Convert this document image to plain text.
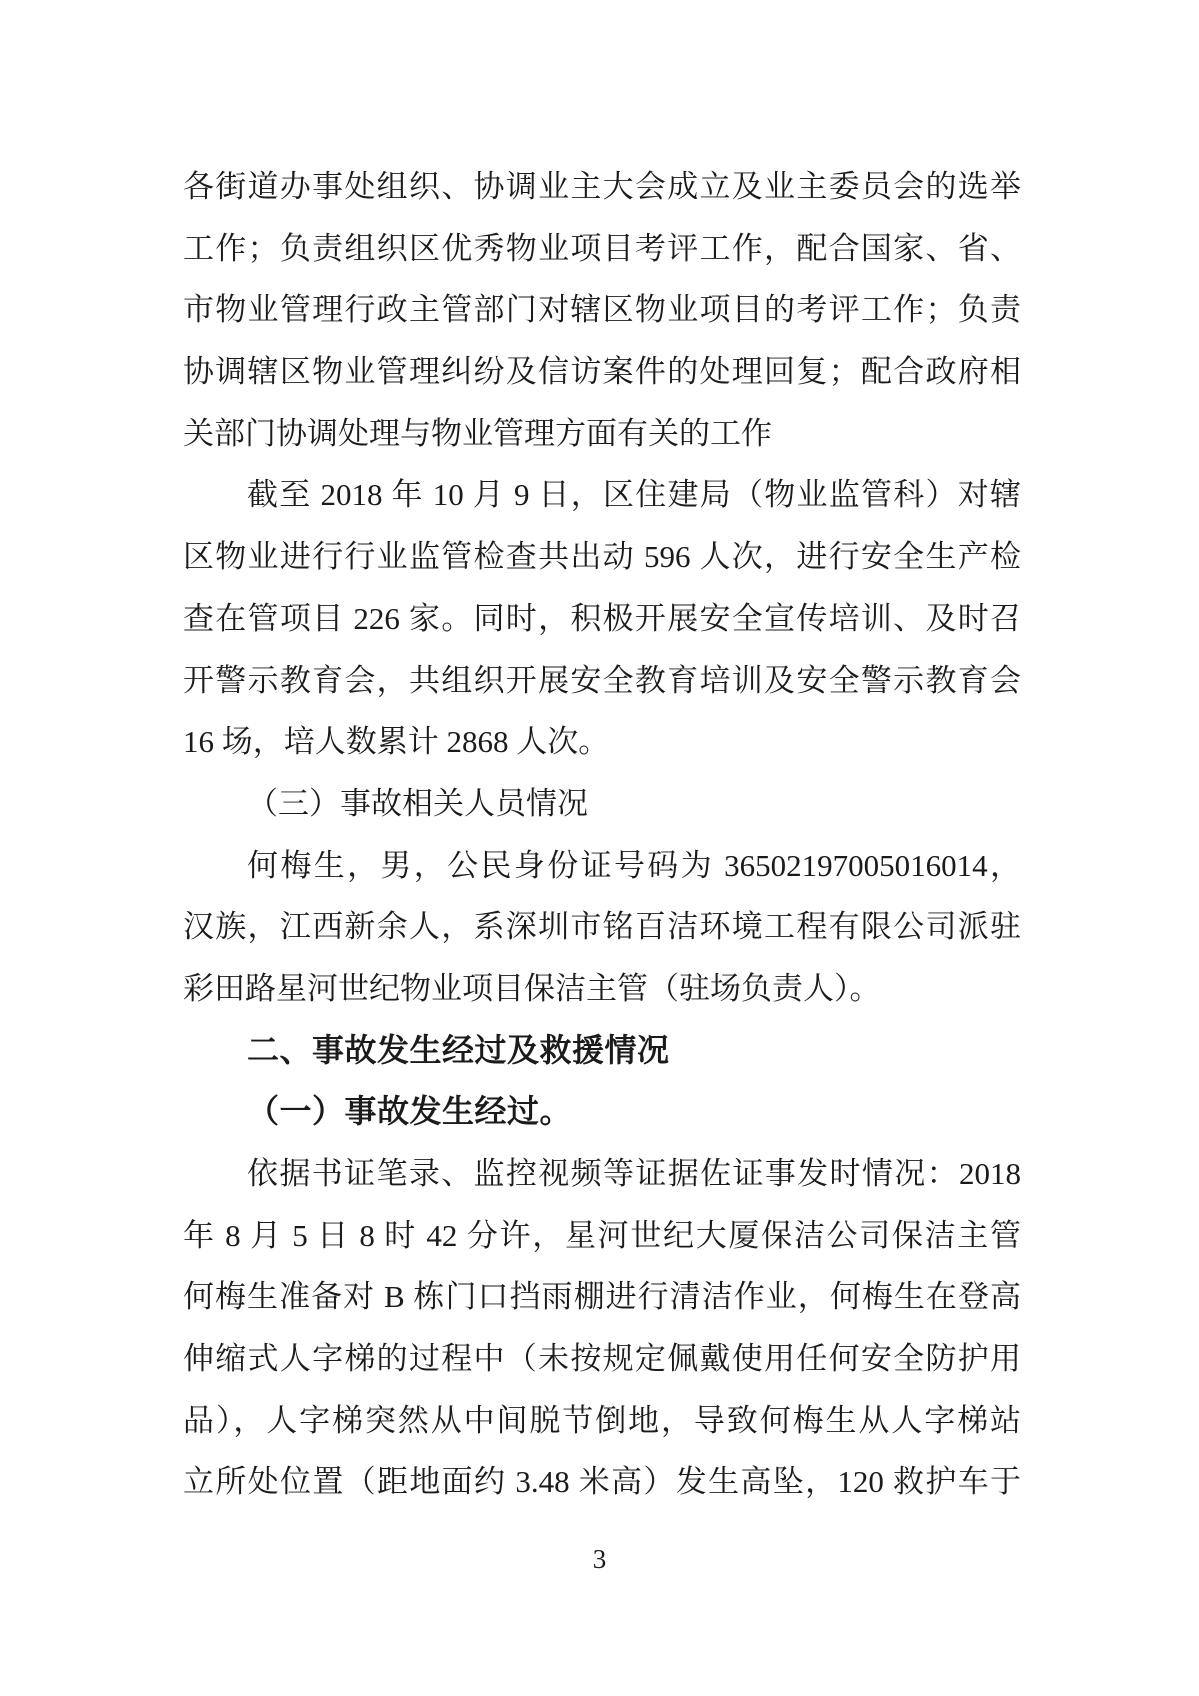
各街道办事处组织、协调业主大会成立及业主委员会的选举
工作；负责组织区优秀物业项目考评工作，配合国家、省、
市物业管理行政主管部门对辖区物业项目的考评工作；负责
协调辖区物业管理纠纷及信访案件的处理回复；配合政府相
关部门协调处理与物业管理方面有关的工作
截至 2018 年 10 月 9 日，区住建局（物业监管科）对辖
区物业进行行业监管检查共出动 596 人次，进行安全生产检
查在管项目 226 家。同时，积极开展安全宣传培训、及时召
开警示教育会，共组织开展安全教育培训及安全警示教育会
16 场，培人数累计 2868 人次。
（三）事故相关人员情况
何梅生，男，公民身份证号码为 36502197005016014，
汉族，江西新余人，系深圳市铭百洁环境工程有限公司派驻
彩田路星河世纪物业项目保洁主管（驻场负责人）。
二、事故发生经过及救援情况
（一）事故发生经过。
依据书证笔录、监控视频等证据佐证事发时情况：2018
年 8 月 5 日 8 时 42 分许，星河世纪大厦保洁公司保洁主管
何梅生准备对 B 栋门口挡雨棚进行清洁作业，何梅生在登高
伸缩式人字梯的过程中（未按规定佩戴使用任何安全防护用
品），人字梯突然从中间脱节倒地，导致何梅生从人字梯站
立所处位置（距地面约 3.48 米高）发生高坠，120 救护车于
3
